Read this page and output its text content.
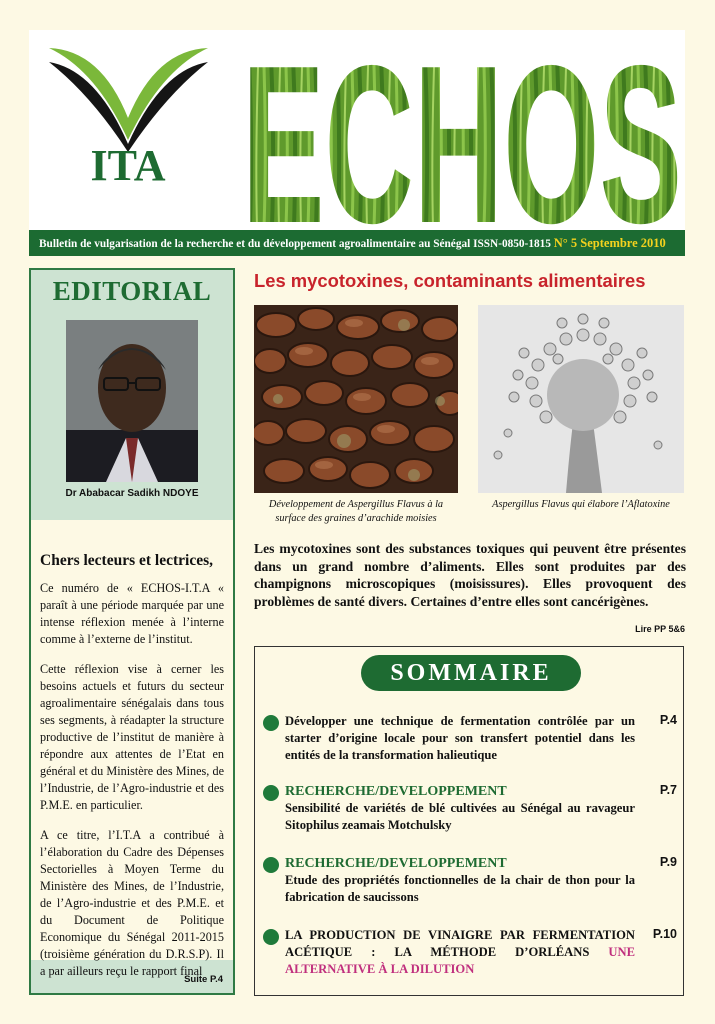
ITA ECHOS
Bulletin de vulgarisation de la recherche et du développement agroalimentaire au Sénégal ISSN-0850-1815 N° 5 Septembre 2010
EDITORIAL
Dr Ababacar Sadikh NDOYE
Chers lecteurs et lectrices,

Ce numéro de « ECHOS-I.T.A « paraît à une période marquée par une intense réflexion menée à l’interne comme à l’externe de l’institut.

Cette réflexion vise à cerner les besoins actuels et futurs du secteur agroalimentaire sénégalais dans tous ses segments, à réadapter la structure productive de l’institut de manière à répondre aux attentes de l’Etat en général et du Ministère des Mines, de l’Industrie, de l’Agro-industrie et des P.M.E. en particulier.

A ce titre, l’I.T.A a contribué à l’élaboration du Cadre des Dépenses Sectorielles à Moyen Terme du Ministère des Mines, de l’Industrie, de l’Agro-industrie et des P.M.E. et du Document de Politique Economique du Sénégal 2011-2015 (troisième génération du D.R.S.P). Il a par ailleurs reçu le rapport final

Suite P.4
Les mycotoxines, contaminants alimentaires
Développement de Aspergillus Flavus à la surface des graines d’arachide moisies
Aspergillus Flavus qui élabore l’Aflatoxine

Les mycotoxines sont des substances toxiques qui peuvent être présentes dans un grand nombre d’aliments. Elles sont produites par des champignons microscopiques (moisissures). Elles provoquent des problèmes de santé divers. Certaines d’entre elles sont cancérigènes.

Lire PP 5&6
SOMMAIRE
Développer une technique de fermentation contrôlée par un starter d’origine locale pour son transfert potentiel dans les entités de la transformation halieutique
P.4
RECHERCHE/DEVELOPPEMENT
Sensibilité de variétés de blé cultivées au Sénégal au ravageur Sitophilus zeamais Motchulsky
P.7
RECHERCHE/DEVELOPPEMENT
Etude des propriétés fonctionnelles de la chair de thon pour la fabrication de saucissons
P.9
LA PRODUCTION DE VINAIGRE PAR FERMENTATION ACÉTIQUE : LA MÉTHODE D’ORLÉANS UNE ALTERNATIVE À LA DILUTION
P.10
